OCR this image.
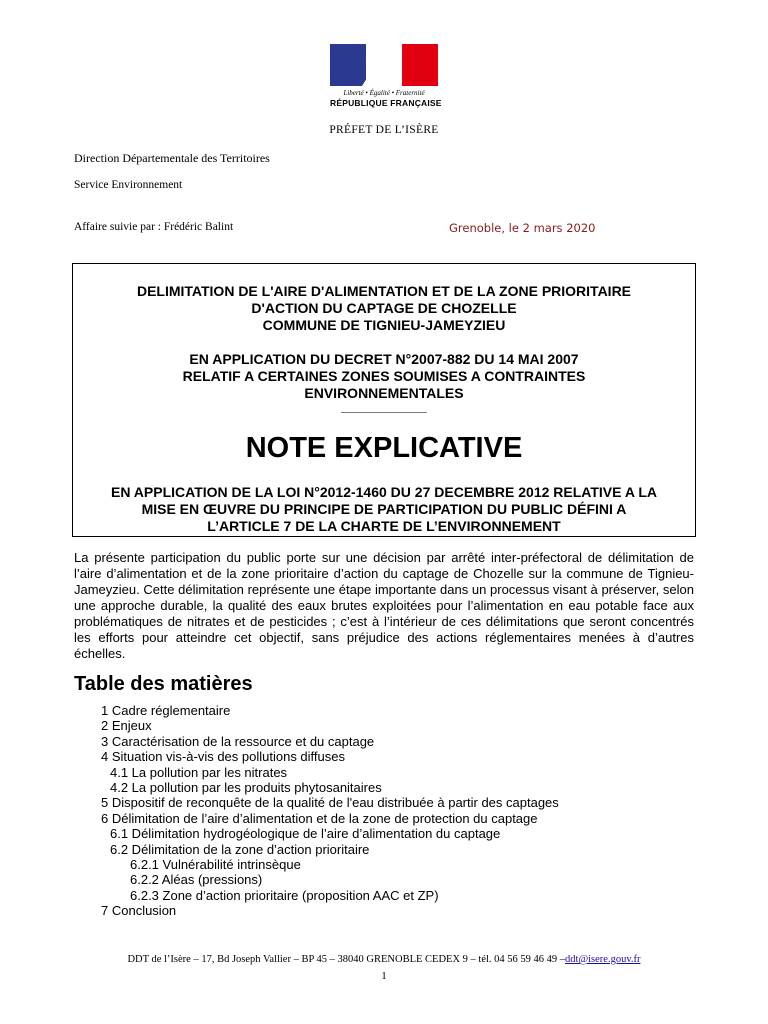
Liberté • Égalité • Fraternité
RÉPUBLIQUE FRANÇAISE
PRÉFET DE L’ISÈRE
Direction Départementale des Territoires
Service Environnement
Affaire suivie par : Frédéric Balint	Grenoble, le 2 mars 2020
DELIMITATION DE L'AIRE D'ALIMENTATION ET DE LA ZONE PRIORITAIRE
D'ACTION DU CAPTAGE DE CHOZELLE
COMMUNE DE TIGNIEU-JAMEYZIEU
EN APPLICATION DU DECRET N°2007-882 DU 14 MAI 2007
RELATIF A CERTAINES ZONES SOUMISES A CONTRAINTES
ENVIRONNEMENTALES
___________
NOTE EXPLICATIVE
EN APPLICATION DE LA LOI N°2012-1460 DU 27 DECEMBRE 2012 RELATIVE A LA
MISE EN ŒUVRE DU PRINCIPE DE PARTICIPATION DU PUBLIC DÉFINI A
L’ARTICLE 7 DE LA CHARTE DE L’ENVIRONNEMENT
La présente participation du public porte sur une décision par arrêté inter-préfectoral de délimitation de l’aire d’alimentation et de la zone prioritaire d’action du captage de Chozelle sur la commune de Tignieu-Jameyzieu. Cette délimitation représente une étape importante dans un processus visant à préserver, selon une approche durable, la qualité des eaux brutes exploitées pour l’alimentation en eau potable face aux problématiques de nitrates et de pesticides ; c’est à l’intérieur de ces délimitations que seront concentrés les efforts pour atteindre cet objectif, sans préjudice des actions réglementaires menées à d’autres échelles.
Table des matières
1 Cadre réglementaire
2 Enjeux
3 Caractérisation de la ressource et du captage
4 Situation vis-à-vis des pollutions diffuses
4.1 La pollution par les nitrates
4.2 La pollution par les produits phytosanitaires
5 Dispositif de reconquête de la qualité de l'eau distribuée à partir des captages
6 Délimitation de l’aire d’alimentation et de la zone de protection du captage
6.1 Délimitation hydrogéologique de l’aire d’alimentation du captage
6.2 Délimitation de la zone d’action prioritaire
6.2.1 Vulnérabilité intrinsèque
6.2.2 Aléas (pressions)
6.2.3 Zone d’action prioritaire (proposition AAC et ZP)
7 Conclusion
DDT de l’Isère – 17, Bd Joseph Vallier – BP 45 – 38040 GRENOBLE CEDEX 9 – tél. 04 56 59 46 49 –ddt@isere.gouv.fr
1
